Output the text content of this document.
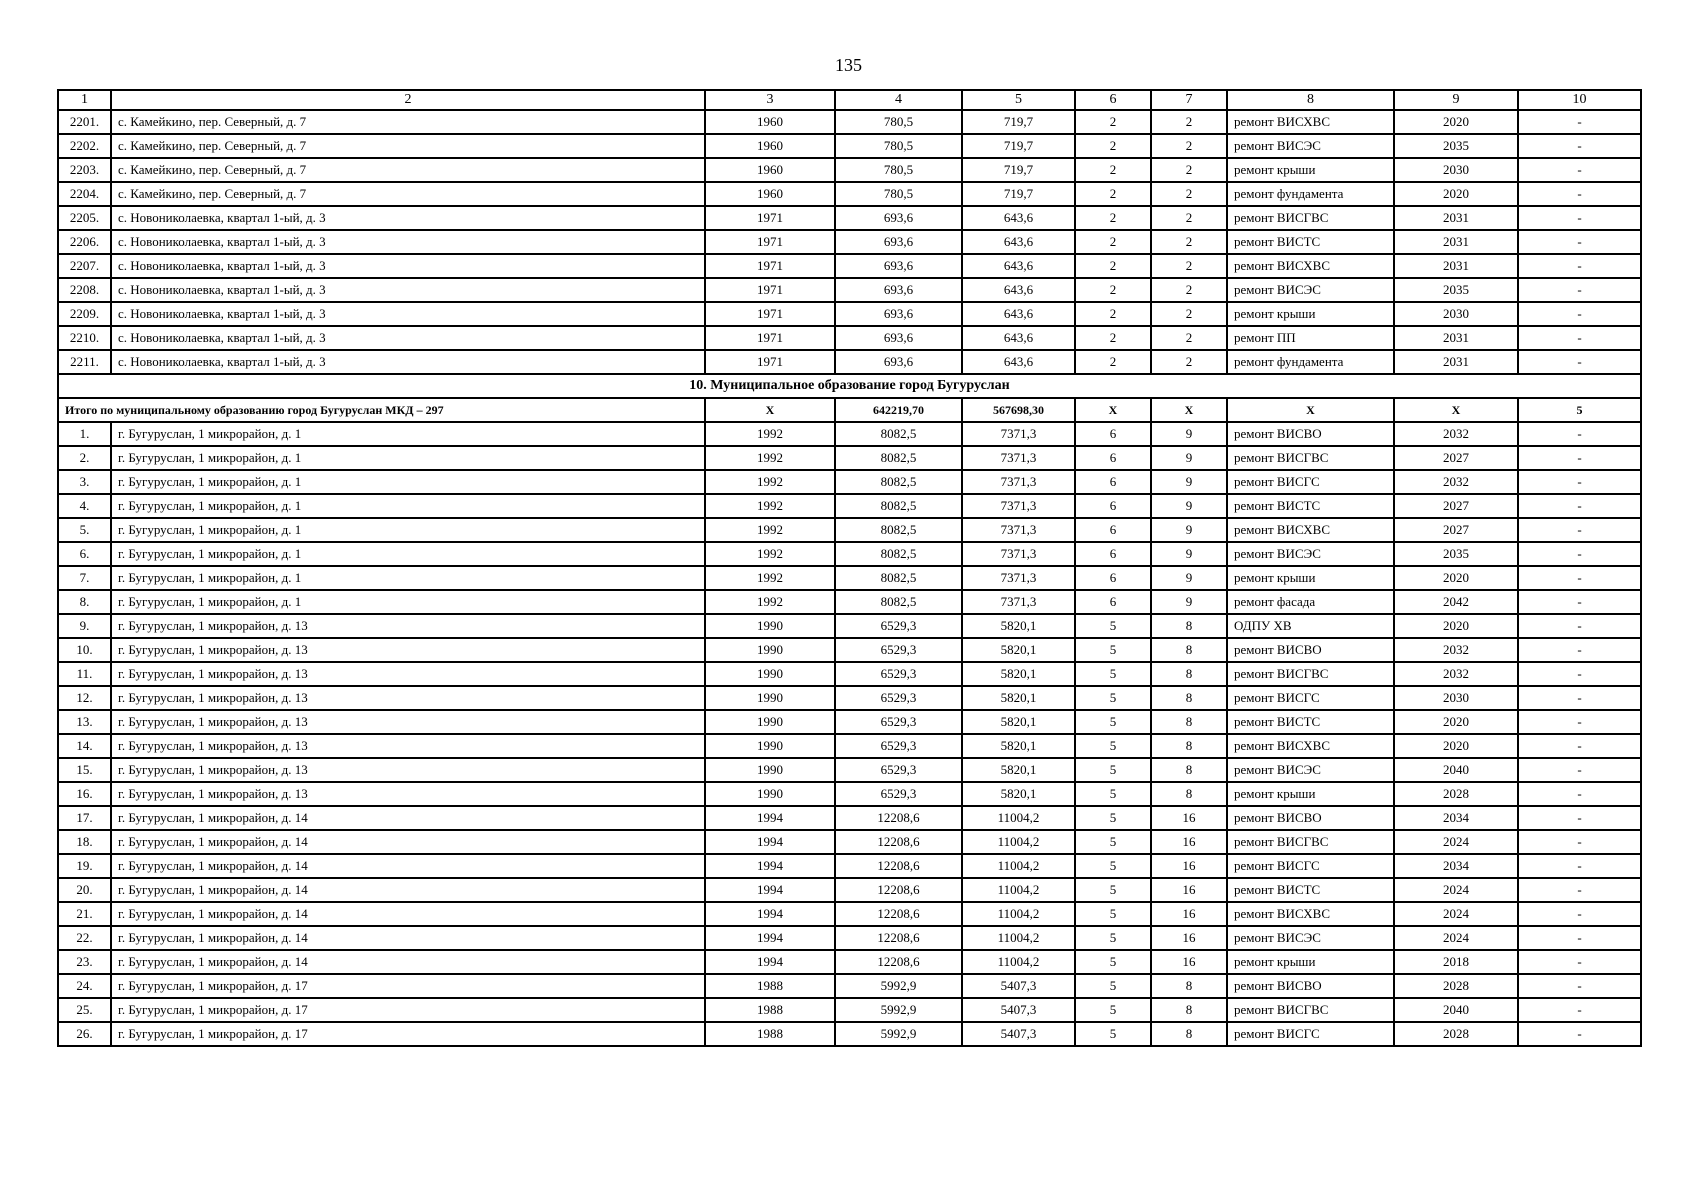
135
1	2	3	4	5	6	7	8	9	10
2201.	с. Камейкино, пер. Северный, д. 7	1960	780,5	719,7	2	2	ремонт ВИСХВС	2020	-
2202.	с. Камейкино, пер. Северный, д. 7	1960	780,5	719,7	2	2	ремонт ВИСЭС	2035	-
2203.	с. Камейкино, пер. Северный, д. 7	1960	780,5	719,7	2	2	ремонт крыши	2030	-
2204.	с. Камейкино, пер. Северный, д. 7	1960	780,5	719,7	2	2	ремонт фундамента	2020	-
2205.	с. Новониколаевка, квартал 1-ый, д. 3	1971	693,6	643,6	2	2	ремонт ВИСГВС	2031	-
2206.	с. Новониколаевка, квартал 1-ый, д. 3	1971	693,6	643,6	2	2	ремонт ВИСТС	2031	-
2207.	с. Новониколаевка, квартал 1-ый, д. 3	1971	693,6	643,6	2	2	ремонт ВИСХВС	2031	-
2208.	с. Новониколаевка, квартал 1-ый, д. 3	1971	693,6	643,6	2	2	ремонт ВИСЭС	2035	-
2209.	с. Новониколаевка, квартал 1-ый, д. 3	1971	693,6	643,6	2	2	ремонт крыши	2030	-
2210.	с. Новониколаевка, квартал 1-ый, д. 3	1971	693,6	643,6	2	2	ремонт ПП	2031	-
2211.	с. Новониколаевка, квартал 1-ый, д. 3	1971	693,6	643,6	2	2	ремонт фундамента	2031	-
10. Муниципальное образование город Бугуруслан									
Итого по муниципальному образованию город Бугуруслан МКД – 297		X	642219,70	567698,30	X	X	X	X	5
1.	г. Бугуруслан, 1 микрорайон, д. 1	1992	8082,5	7371,3	6	9	ремонт ВИСВО	2032	-
2.	г. Бугуруслан, 1 микрорайон, д. 1	1992	8082,5	7371,3	6	9	ремонт ВИСГВС	2027	-
3.	г. Бугуруслан, 1 микрорайон, д. 1	1992	8082,5	7371,3	6	9	ремонт ВИСГС	2032	-
4.	г. Бугуруслан, 1 микрорайон, д. 1	1992	8082,5	7371,3	6	9	ремонт ВИСТС	2027	-
5.	г. Бугуруслан, 1 микрорайон, д. 1	1992	8082,5	7371,3	6	9	ремонт ВИСХВС	2027	-
6.	г. Бугуруслан, 1 микрорайон, д. 1	1992	8082,5	7371,3	6	9	ремонт ВИСЭС	2035	-
7.	г. Бугуруслан, 1 микрорайон, д. 1	1992	8082,5	7371,3	6	9	ремонт крыши	2020	-
8.	г. Бугуруслан, 1 микрорайон, д. 1	1992	8082,5	7371,3	6	9	ремонт фасада	2042	-
9.	г. Бугуруслан, 1 микрорайон, д. 13	1990	6529,3	5820,1	5	8	ОДПУ ХВ	2020	-
10.	г. Бугуруслан, 1 микрорайон, д. 13	1990	6529,3	5820,1	5	8	ремонт ВИСВО	2032	-
11.	г. Бугуруслан, 1 микрорайон, д. 13	1990	6529,3	5820,1	5	8	ремонт ВИСГВС	2032	-
12.	г. Бугуруслан, 1 микрорайон, д. 13	1990	6529,3	5820,1	5	8	ремонт ВИСГС	2030	-
13.	г. Бугуруслан, 1 микрорайон, д. 13	1990	6529,3	5820,1	5	8	ремонт ВИСТС	2020	-
14.	г. Бугуруслан, 1 микрорайон, д. 13	1990	6529,3	5820,1	5	8	ремонт ВИСХВС	2020	-
15.	г. Бугуруслан, 1 микрорайон, д. 13	1990	6529,3	5820,1	5	8	ремонт ВИСЭС	2040	-
16.	г. Бугуруслан, 1 микрорайон, д. 13	1990	6529,3	5820,1	5	8	ремонт крыши	2028	-
17.	г. Бугуруслан, 1 микрорайон, д. 14	1994	12208,6	11004,2	5	16	ремонт ВИСВО	2034	-
18.	г. Бугуруслан, 1 микрорайон, д. 14	1994	12208,6	11004,2	5	16	ремонт ВИСГВС	2024	-
19.	г. Бугуруслан, 1 микрорайон, д. 14	1994	12208,6	11004,2	5	16	ремонт ВИСГС	2034	-
20.	г. Бугуруслан, 1 микрорайон, д. 14	1994	12208,6	11004,2	5	16	ремонт ВИСТС	2024	-
21.	г. Бугуруслан, 1 микрорайон, д. 14	1994	12208,6	11004,2	5	16	ремонт ВИСХВС	2024	-
22.	г. Бугуруслан, 1 микрорайон, д. 14	1994	12208,6	11004,2	5	16	ремонт ВИСЭС	2024	-
23.	г. Бугуруслан, 1 микрорайон, д. 14	1994	12208,6	11004,2	5	16	ремонт крыши	2018	-
24.	г. Бугуруслан, 1 микрорайон, д. 17	1988	5992,9	5407,3	5	8	ремонт ВИСВО	2028	-
25.	г. Бугуруслан, 1 микрорайон, д. 17	1988	5992,9	5407,3	5	8	ремонт ВИСГВС	2040	-
26.	г. Бугуруслан, 1 микрорайон, д. 17	1988	5992,9	5407,3	5	8	ремонт ВИСГС	2028	-
